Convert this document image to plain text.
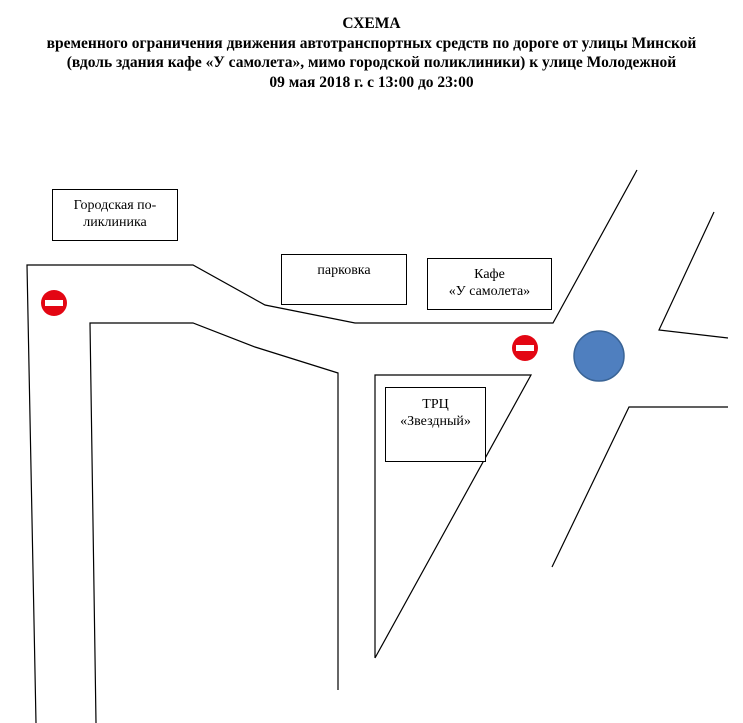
СХЕМА
временного ограничения движения автотранспортных средств по дороге от улицы Минской
(вдоль здания кафе «У самолета», мимо городской поликлиники) к улице Молодежной
09 мая 2018 г. с 13:00 до 23:00
Городская по-
ликлиника
парковка	Кафе
«У самолета»
ТРЦ
«Звездный»
